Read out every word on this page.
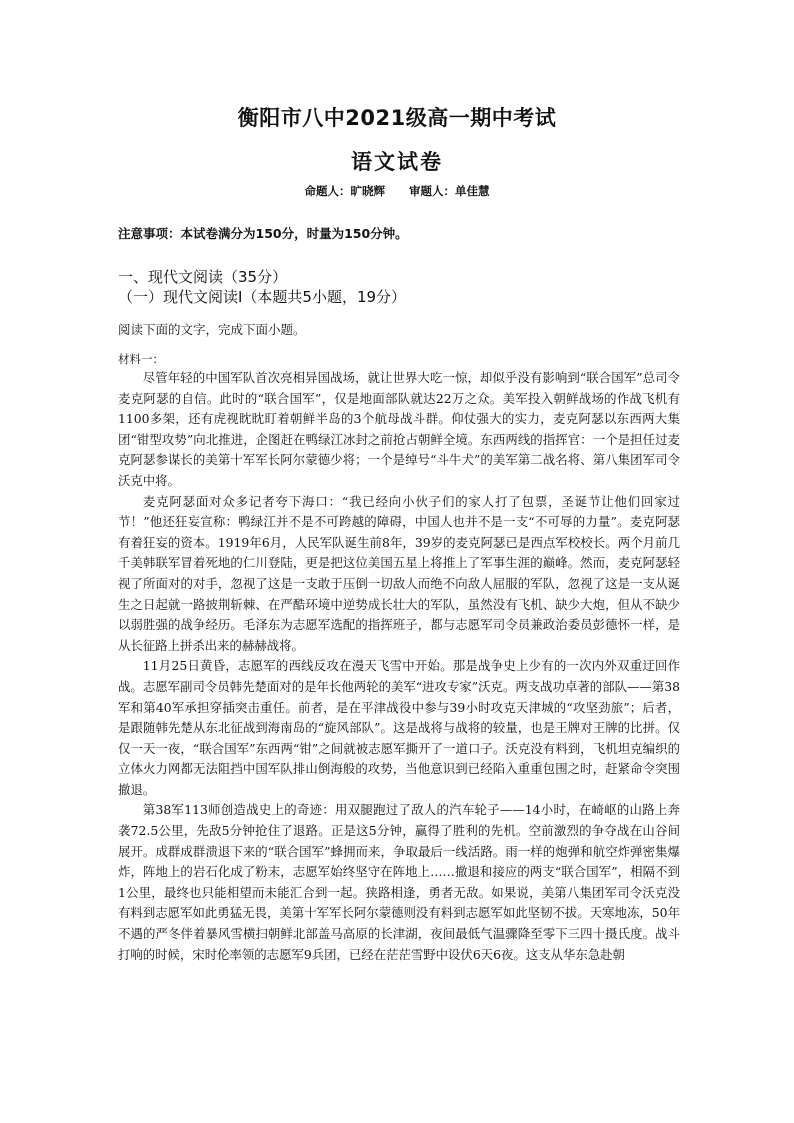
衡阳市八中2021级高一期中考试
语文试卷
命题人：旷晓辉      审题人：单佳慧
注意事项：本试卷满分为150分，时量为150分钟。
一、现代文阅读（35分）
（一）现代文阅读Ⅰ（本题共5小题，19分）
阅读下面的文字，完成下面小题。
材料一：

尽管年轻的中国军队首次亮相异国战场，就让世界大吃一惊，却似乎没有影响到“联合国军”总司令麦克阿瑟的自信。此时的“联合国军”，仅是地面部队就达22万之众。美军投入朝鲜战场的作战飞机有1100多架，还有虎视眈眈盯着朝鲜半岛的3个航母战斗群。仰仗强大的实力，麦克阿瑟以东西两大集团“钳型攻势”向北推进，企图赶在鸭绿江冰封之前抢占朝鲜全境。东西两线的指挥官：一个是担任过麦克阿瑟参谋长的美第十军军长阿尔蒙德少将；一个是绰号“斗牛犬”的美军第二战名将、第八集团军司令沃克中将。

麦克阿瑟面对众多记者夸下海口：“我已经向小伙子们的家人打了包票，圣诞节让他们回家过节！”他还狂妄宣称：鸭绿江并不是不可跨越的障碍，中国人也并不是一支“不可辱的力量”。麦克阿瑟有着狂妄的资本。1919年6月，人民军队诞生前8年，39岁的麦克阿瑟已是西点军校校长。两个月前几千美韩联军冒着死地的仁川登陆，更是把这位美国五星上将推上了军事生涯的巅峰。然而，麦克阿瑟轻视了所面对的对手，忽视了这是一支敢于压倒一切敌人而绝不向敌人屈服的军队，忽视了这是一支从诞生之日起就一路披荆斩棘、在严酷环境中逆势成长壮大的军队，虽然没有飞机、缺少大炮，但从不缺少以弱胜强的战争经历。毛泽东为志愿军选配的指挥班子，都与志愿军司令员兼政治委员彭德怀一样，是从长征路上拼杀出来的赫赫战将。

11月25日黄昏，志愿军的西线反攻在漫天飞雪中开始。那是战争史上少有的一次内外双重迂回作战。志愿军副司令员韩先楚面对的是年长他两轮的美军“进攻专家”沃克。两支战功卓著的部队——第38军和第40军承担穿插突击重任。前者，是在平津战役中参与39小时攻克天津城的“攻坚劲旅”；后者，是跟随韩先楚从东北征战到海南岛的“旋风部队”。这是战将与战将的较量，也是王牌对王牌的比拼。仅仅一天一夜，“联合国军”东西两“钳”之间就被志愿军撕开了一道口子。沃克没有料到，飞机坦克编织的立体火力网都无法阻挡中国军队排山倒海般的攻势，当他意识到已经陷入重重包围之时，赶紧命令突围撤退。

第38军113师创造战史上的奇迹：用双腿跑过了敌人的汽车轮子——14小时，在崎岖的山路上奔袭72.5公里，先敌5分钟抢住了退路。正是这5分钟，赢得了胜利的先机。空前激烈的争夺战在山谷间展开。成群成群溃退下来的“联合国军”蜂拥而来，争取最后一线活路。雨一样的炮弹和航空炸弹密集爆炸，阵地上的岩石化成了粉末，志愿军始终坚守在阵地上……撤退和接应的两支“联合国军”，相隔不到1公里，最终也只能相望而未能汇合到一起。狭路相逢，勇者无敌。如果说，美第八集团军司令沃克没有料到志愿军如此勇猛无畏，美第十军军长阿尔蒙德则没有料到志愿军如此坚韧不拔。天寒地冻，50年不遇的严冬伴着暴风雪横扫朝鲜北部盖马高原的长津湖，夜间最低气温骤降至零下三四十摄氏度。战斗打响的时候，宋时伦率领的志愿军9兵团，已经在茫茫雪野中设伏6天6夜。这支从华东急赴朝
